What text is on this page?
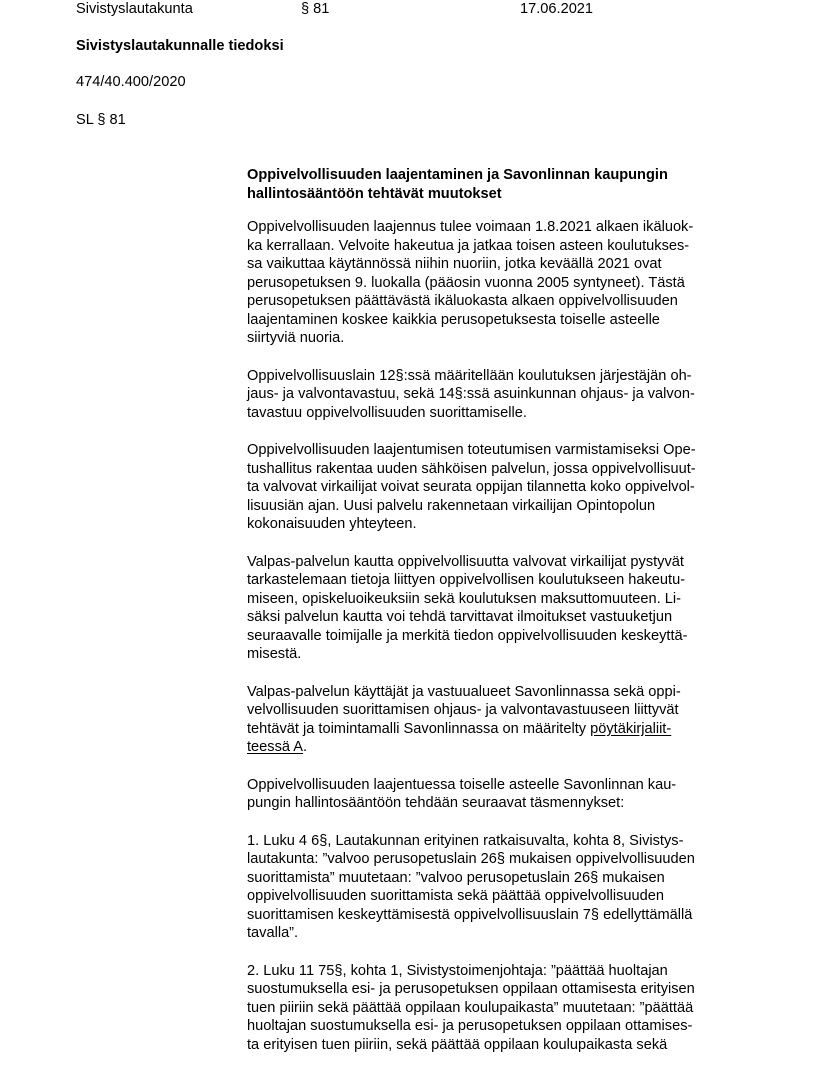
Sivistyslautakunta	§ 81	17.06.2021
Sivistyslautakunnalle tiedoksi
474/40.400/2020
SL § 81
Oppivelvollisuuden laajentaminen ja Savonlinnan kaupungin
hallintosääntöön tehtävät muutokset
Oppivelvollisuuden laajennus tulee voimaan 1.8.2021 alkaen ikäluok-
ka kerrallaan. Velvoite hakeutua ja jatkaa toisen asteen koulutukses-
sa vaikuttaa käytännössä niihin nuoriin, jotka keväällä 2021 ovat
perusopetuksen 9. luokalla (pääosin vuonna 2005 syntyneet). Tästä
perusopetuksen päättävästä ikäluokasta alkaen oppivelvollisuuden
laajentaminen koskee kaikkia perusopetuksesta toiselle asteelle
siirtyviä nuoria.
Oppivelvollisuuslain 12§:ssä määritellään koulutuksen järjestäjän oh-
jaus- ja valvontavastuu, sekä 14§:ssä asuinkunnan ohjaus- ja valvon-
tavastuu oppivelvollisuuden suorittamiselle.
Oppivelvollisuuden laajentumisen toteutumisen varmistamiseksi Ope-
tushallitus rakentaa uuden sähköisen palvelun, jossa oppivelvollisuut-
ta valvovat virkailijat voivat seurata oppijan tilannetta koko oppivelvol-
lisuusiän ajan. Uusi palvelu rakennetaan virkailijan Opintopolun
kokonaisuuden yhteyteen.
Valpas-palvelun kautta oppivelvollisuutta valvovat virkailijat pystyvät
tarkastelemaan tietoja liittyen oppivelvollisen koulutukseen hakeutu-
miseen, opiskeluoikeuksiin sekä koulutuksen maksuttomuuteen. Li-
säksi palvelun kautta voi tehdä tarvittavat ilmoitukset vastuuketjun
seuraavalle toimijalle ja merkitä tiedon oppivelvollisuuden keskeyttä-
misestä.
Valpas-palvelun käyttäjät ja vastuualueet Savonlinnassa sekä oppi-
velvollisuuden suorittamisen ohjaus- ja valvontavastuuseen liittyvät
tehtävät ja toimintamalli Savonlinnassa on määritelty pöytäkirjaliit-
teessä A.
Oppivelvollisuuden laajentuessa toiselle asteelle Savonlinnan kau-
pungin hallintosääntöön tehdään seuraavat täsmennykset:
1. Luku 4 6§, Lautakunnan erityinen ratkaisuvalta, kohta 8, Sivistys-
lautakunta: ”valvoo perusopetuslain 26§ mukaisen oppivelvollisuuden
suorittamista” muutetaan: ”valvoo perusopetuslain 26§ mukaisen
oppivelvollisuuden suorittamista sekä päättää oppivelvollisuuden
suorittamisen keskeyttämisestä oppivelvollisuuslain 7§ edellyttämällä
tavalla”.
2. Luku 11 75§, kohta 1, Sivistystoimenjohtaja: ”päättää huoltajan
suostumuksella esi- ja perusopetuksen oppilaan ottamisesta erityisen
tuen piiriin sekä päättää oppilaan koulupaikasta” muutetaan: ”päättää
huoltajan suostumuksella esi- ja perusopetuksen oppilaan ottamises-
ta erityisen tuen piiriin, sekä päättää oppilaan koulupaikasta sekä
